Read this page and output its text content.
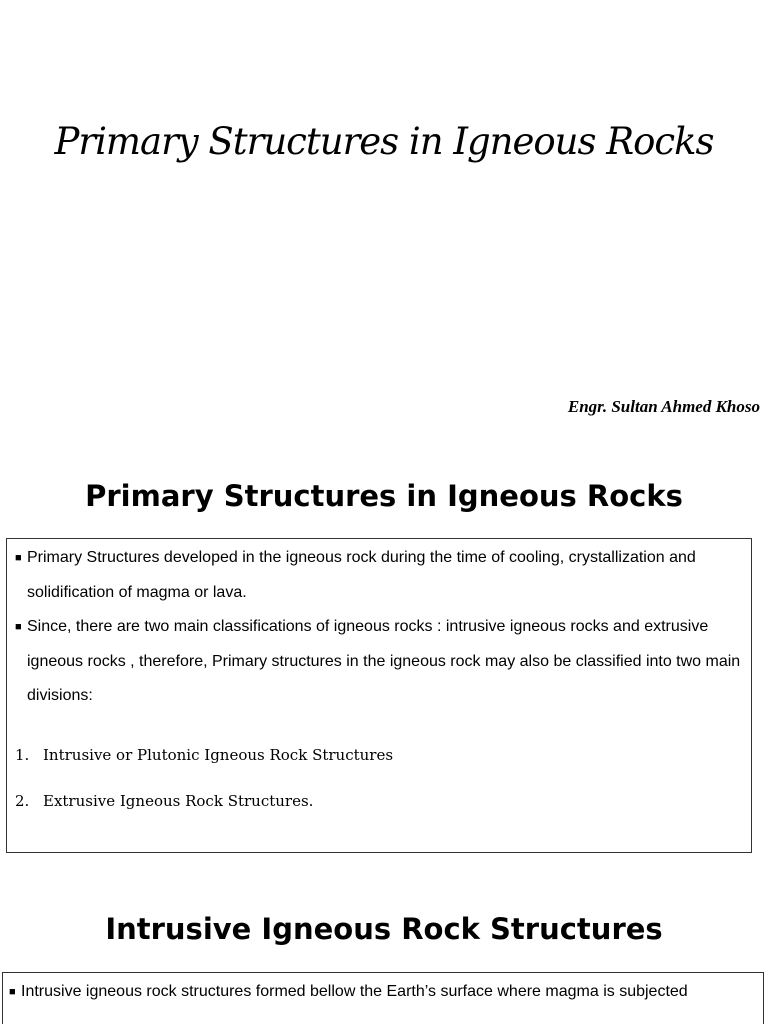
Primary Structures in Igneous Rocks
Engr. Sultan Ahmed Khoso
Primary Structures in Igneous Rocks
■ Primary Structures developed in the igneous rock during the time of cooling, crystallization and solidification of magma or lava.
■ Since, there are two main classifications of igneous rocks : intrusive igneous rocks and extrusive igneous rocks , therefore, Primary structures in the igneous rock may also be classified into two main divisions:
1. Intrusive or Plutonic Igneous Rock Structures
2. Extrusive Igneous Rock Structures.
Intrusive Igneous Rock Structures
■ Intrusive igneous rock structures formed bellow the Earth’s surface where magma is subjected
